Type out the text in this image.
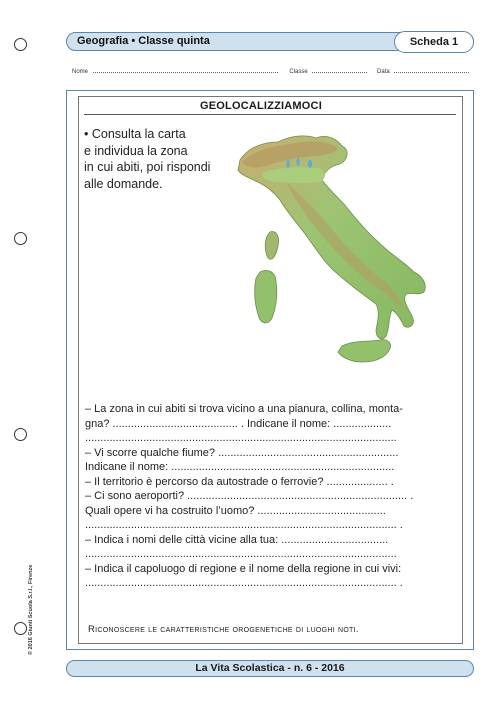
Geografia • Classe quinta	Scheda 1
Nome	Classe	Data
GEOLOCALIZZIAMOCI
• Consulta la carta
e individua la zona
in cui abiti, poi rispondi
alle domande.
– La zona in cui abiti si trova vicino a una pianura, collina, monta-
gna? ......................................... . Indicane il nome: ...................
......................................................................................................
– Vi scorre qualche fiume? ...........................................................
Indicane il nome: .........................................................................
– Il territorio è percorso da autostrade o ferrovie? .................... .
– Ci sono aeroporti? ........................................................................ .
Quali opere vi ha costruito l’uomo? ..........................................
...................................................................................................... .
– Indica i nomi delle città vicine alla tua: ...................................
......................................................................................................
– Indica il capoluogo di regione e il nome della regione in cui vivi:
...................................................................................................... .
Riconoscere le caratteristiche orogenetiche di luoghi noti.
© 2016 Giunti Scuola S.r.l., Firenze
La Vita Scolastica - n. 6 - 2016
